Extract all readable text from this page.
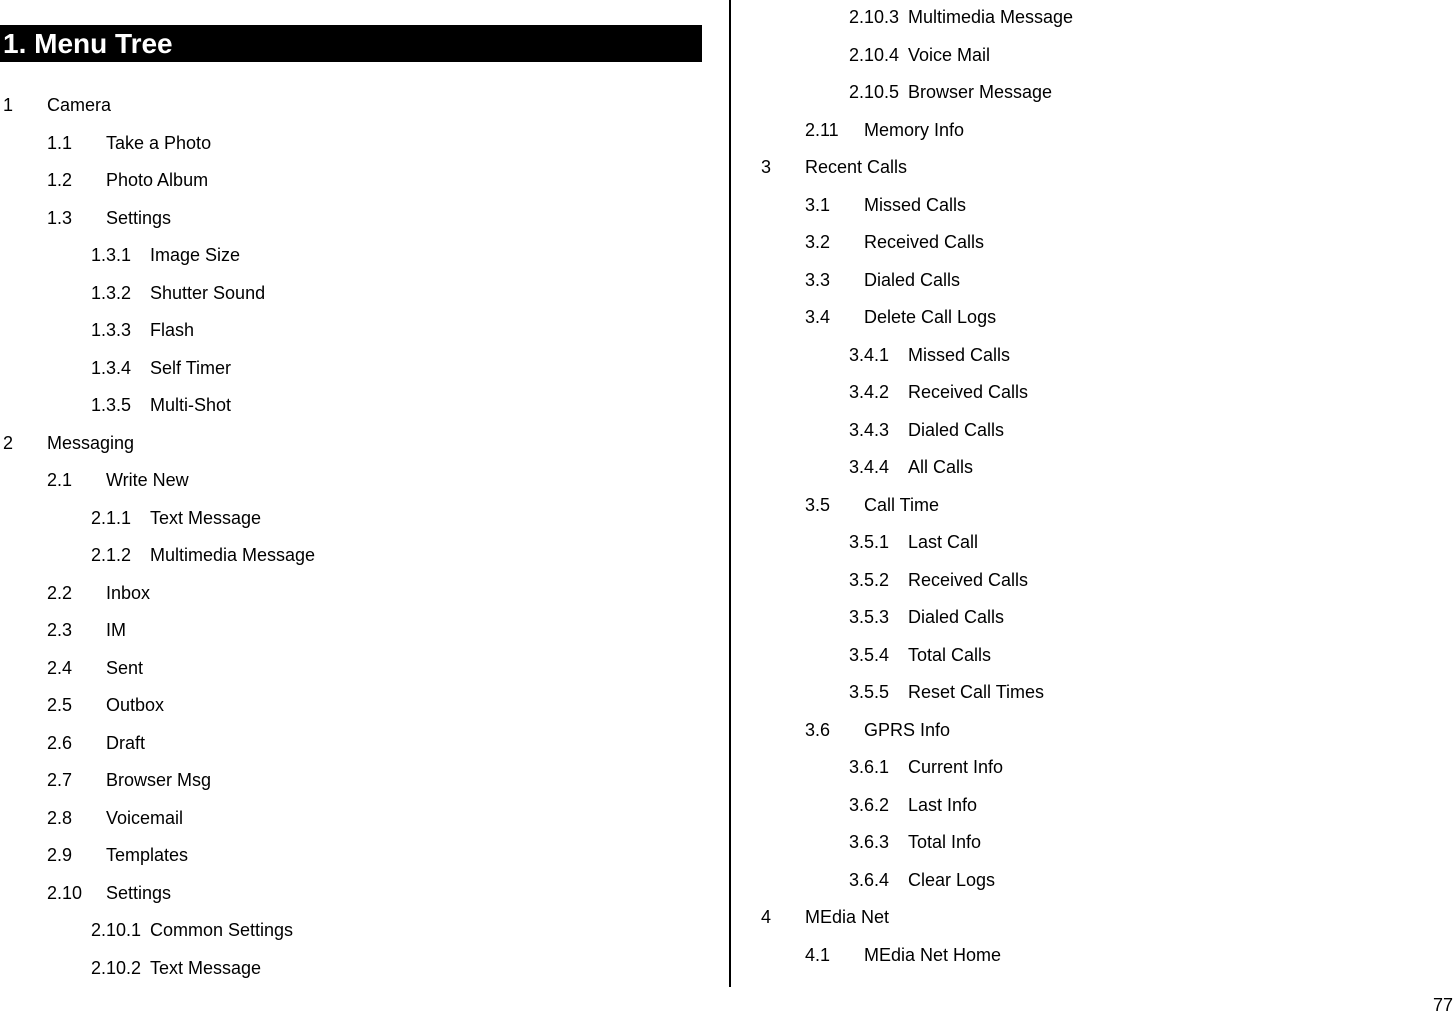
1. Menu Tree
1 Camera
1.1 Take a Photo
1.2 Photo Album
1.3 Settings
1.3.1 Image Size
1.3.2 Shutter Sound
1.3.3 Flash
1.3.4 Self Timer
1.3.5 Multi-Shot
2 Messaging
2.1 Write New
2.1.1 Text Message
2.1.2 Multimedia Message
2.2 Inbox
2.3 IM
2.4 Sent
2.5 Outbox
2.6 Draft
2.7 Browser Msg
2.8 Voicemail
2.9 Templates
2.10 Settings
2.10.1 Common Settings
2.10.2 Text Message
2.10.3 Multimedia Message
2.10.4 Voice Mail
2.10.5 Browser Message
2.11 Memory Info
3 Recent Calls
3.1 Missed Calls
3.2 Received Calls
3.3 Dialed Calls
3.4 Delete Call Logs
3.4.1 Missed Calls
3.4.2 Received Calls
3.4.3 Dialed Calls
3.4.4 All Calls
3.5 Call Time
3.5.1 Last Call
3.5.2 Received Calls
3.5.3 Dialed Calls
3.5.4 Total Calls
3.5.5 Reset Call Times
3.6 GPRS Info
3.6.1 Current Info
3.6.2 Last Info
3.6.3 Total Info
3.6.4 Clear Logs
4 MEdia Net
4.1 MEdia Net Home
77
